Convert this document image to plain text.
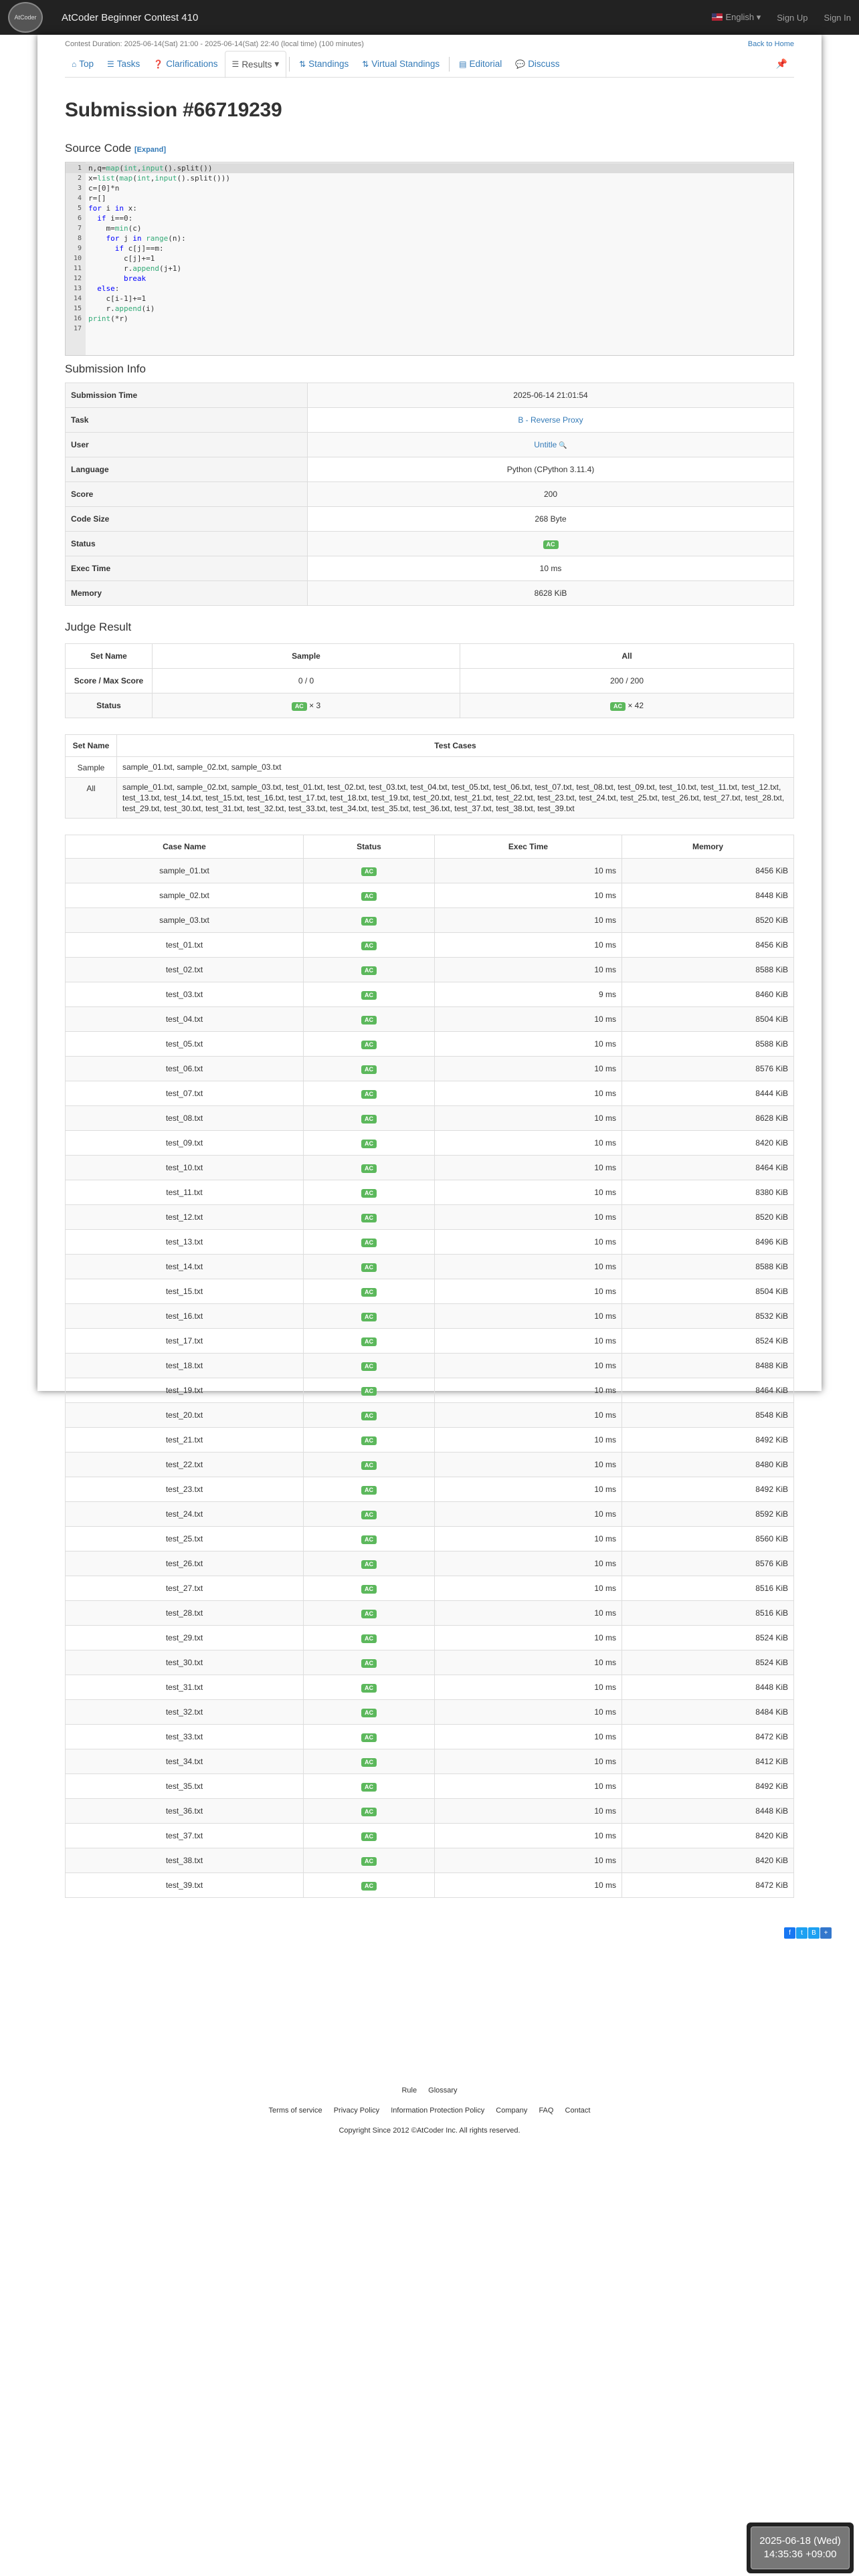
AtCoder AtCoder Beginner Contest 410	English ▾ Sign Up Sign In
Contest Duration: 2025-06-14(Sat) 21:00 - 2025-06-14(Sat) 22:40 (local time) (100 minutes)	Back to Home
⌂ Top ☰ Tasks ❓ Clarifications ☰ Results ▾	⇅ Standings ⇅ Virtual Standings ▤ Editorial 💬 Discuss	📌
Submission #66719239
Source Code [Expand]
1 n,q=map(int,input().split())
2 x=list(map(int,input().split()))
3 c=[0]*n
4 r=[]
5 for i in x:
6	if i==0:
7 m=min(c)
8	for j in range(n):
9	if c[j]==m:
10 c[j]+=1
11 r.append(j+1)
12	break
13	else:
14 c[i-1]+=1
15 r.append(i)
16 print(*r)
17
Submission Info
Submission Time	2025-06-14 21:01:54
Task	B - Reverse Proxy
User	Untitle 🔍
Language	Python (CPython 3.11.4)
Score	200
Code Size	268 Byte
Status	AC
Exec Time	10 ms
Memory	8628 KiB
Judge Result
Set Name	Sample	All
Score / Max Score	0 / 0	200 / 200
Status	AC × 3	AC × 42
Set Name	Test Cases
Sample	sample_01.txt, sample_02.txt, sample_03.txt
All	sample_01.txt, sample_02.txt, sample_03.txt, test_01.txt, test_02.txt, test_03.txt, test_04.txt, test_05.txt, test_06.txt, test_07.txt, test_08.txt, test_09.txt, test_10.txt, test_11.txt, test_12.txt, test_13.txt, test_14.txt, test_15.txt, test_16.txt, test_17.txt, test_18.txt, test_19.txt, test_20.txt, test_21.txt, test_22.txt, test_23.txt, test_24.txt, test_25.txt, test_26.txt, test_27.txt, test_28.txt, test_29.txt, test_30.txt, test_31.txt, test_32.txt, test_33.txt, test_34.txt, test_35.txt, test_36.txt, test_37.txt, test_38.txt, test_39.txt
Case Name	Status	Exec Time	Memory
sample_01.txt	AC	10 ms	8456 KiB
sample_02.txt	AC	10 ms	8448 KiB
sample_03.txt	AC	10 ms	8520 KiB
test_01.txt	AC	10 ms	8456 KiB
test_02.txt	AC	10 ms	8588 KiB
test_03.txt	AC	9 ms	8460 KiB
test_04.txt	AC	10 ms	8504 KiB
test_05.txt	AC	10 ms	8588 KiB
test_06.txt	AC	10 ms	8576 KiB
test_07.txt	AC	10 ms	8444 KiB
test_08.txt	AC	10 ms	8628 KiB
test_09.txt	AC	10 ms	8420 KiB
test_10.txt	AC	10 ms	8464 KiB
test_11.txt	AC	10 ms	8380 KiB
test_12.txt	AC	10 ms	8520 KiB
test_13.txt	AC	10 ms	8496 KiB
test_14.txt	AC	10 ms	8588 KiB
test_15.txt	AC	10 ms	8504 KiB
test_16.txt	AC	10 ms	8532 KiB
test_17.txt	AC	10 ms	8524 KiB
test_18.txt	AC	10 ms	8488 KiB
test_19.txt	AC	10 ms	8464 KiB
test_20.txt	AC	10 ms	8548 KiB
test_21.txt	AC	10 ms	8492 KiB
test_22.txt	AC	10 ms	8480 KiB
test_23.txt	AC	10 ms	8492 KiB
test_24.txt	AC	10 ms	8592 KiB
test_25.txt	AC	10 ms	8560 KiB
test_26.txt	AC	10 ms	8576 KiB
test_27.txt	AC	10 ms	8516 KiB
test_28.txt	AC	10 ms	8516 KiB
test_29.txt	AC	10 ms	8524 KiB
test_30.txt	AC	10 ms	8524 KiB
test_31.txt	AC	10 ms	8448 KiB
test_32.txt	AC	10 ms	8484 KiB
test_33.txt	AC	10 ms	8472 KiB
test_34.txt	AC	10 ms	8412 KiB
test_35.txt	AC	10 ms	8492 KiB
test_36.txt	AC	10 ms	8448 KiB
test_37.txt	AC	10 ms	8420 KiB
test_38.txt	AC	10 ms	8420 KiB
test_39.txt	AC	10 ms	8472 KiB
f	t	B	+
Rule Glossary
Terms of service Privacy Policy Information Protection Policy Company FAQ Contact
Copyright Since 2012 ©AtCoder Inc. All rights reserved.
2025-06-18 (Wed)
14:35:36 +09:00
